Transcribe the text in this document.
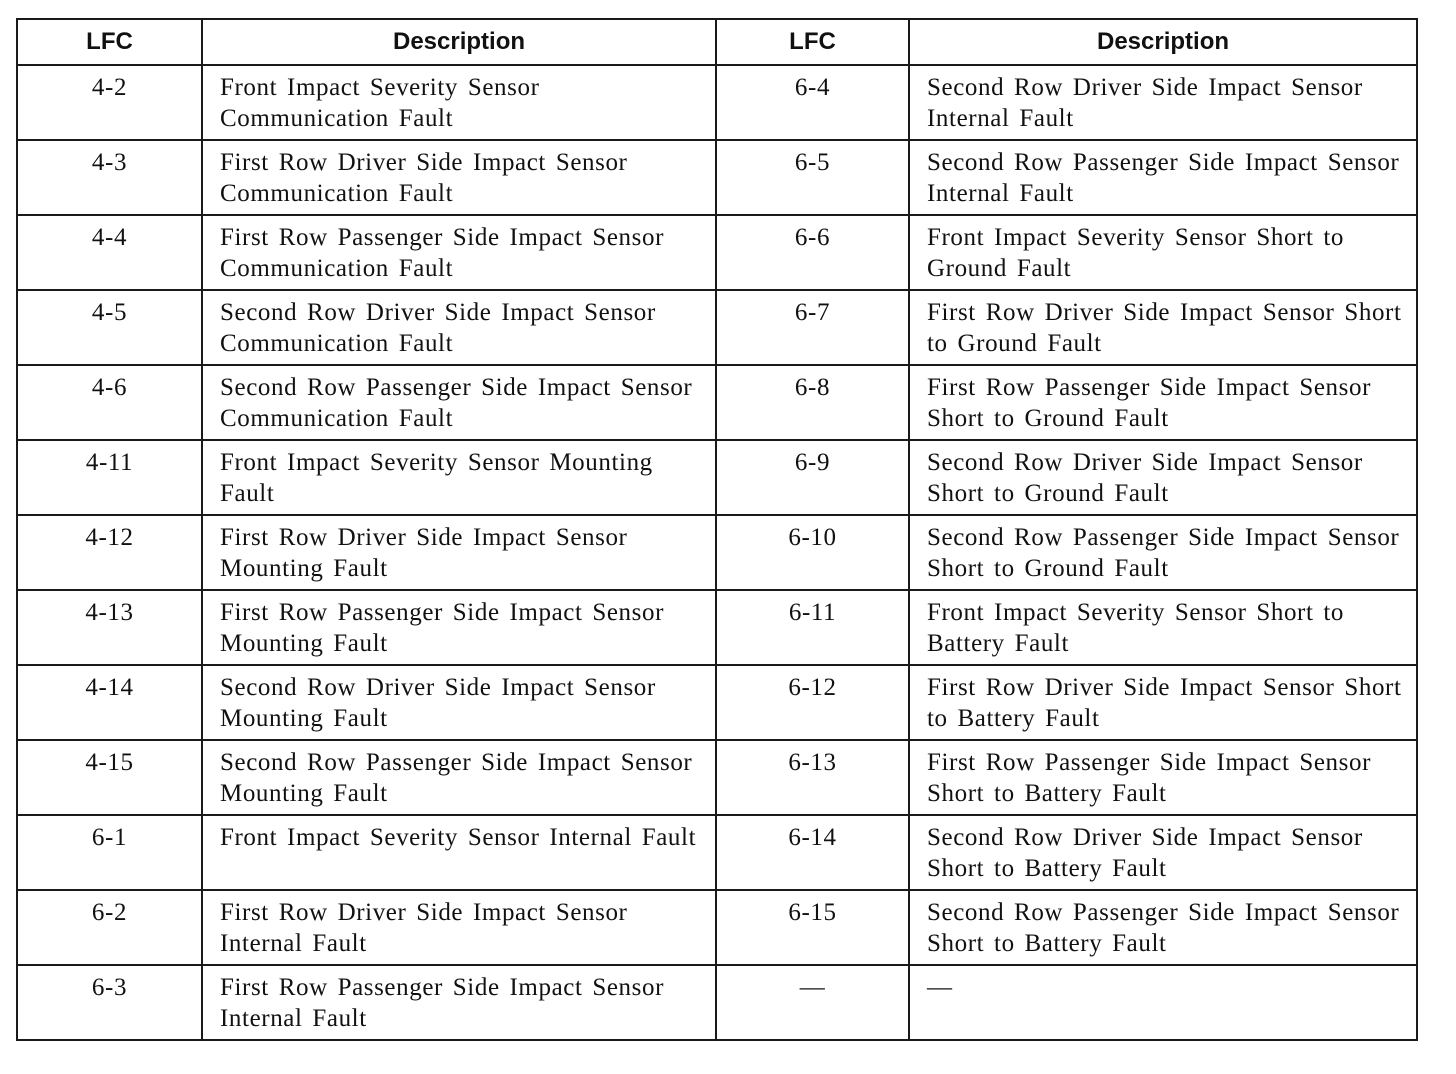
LFC	Description	LFC	Description
4-2	Front Impact Severity Sensor Communication Fault	6-4	Second Row Driver Side Impact Sensor Internal Fault
4-3	First Row Driver Side Impact Sensor Communication Fault	6-5	Second Row Passenger Side Impact Sensor Internal Fault
4-4	First Row Passenger Side Impact Sensor Communication Fault	6-6	Front Impact Severity Sensor Short to Ground Fault
4-5	Second Row Driver Side Impact Sensor Communication Fault	6-7	First Row Driver Side Impact Sensor Short to Ground Fault
4-6	Second Row Passenger Side Impact Sensor Communication Fault	6-8	First Row Passenger Side Impact Sensor Short to Ground Fault
4-11	Front Impact Severity Sensor Mounting Fault	6-9	Second Row Driver Side Impact Sensor Short to Ground Fault
4-12	First Row Driver Side Impact Sensor Mounting Fault	6-10	Second Row Passenger Side Impact Sensor Short to Ground Fault
4-13	First Row Passenger Side Impact Sensor Mounting Fault	6-11	Front Impact Severity Sensor Short to Battery Fault
4-14	Second Row Driver Side Impact Sensor Mounting Fault	6-12	First Row Driver Side Impact Sensor Short to Battery Fault
4-15	Second Row Passenger Side Impact Sensor Mounting Fault	6-13	First Row Passenger Side Impact Sensor Short to Battery Fault
6-1	Front Impact Severity Sensor Internal Fault	6-14	Second Row Driver Side Impact Sensor Short to Battery Fault
6-2	First Row Driver Side Impact Sensor Internal Fault	6-15	Second Row Passenger Side Impact Sensor Short to Battery Fault
6-3	First Row Passenger Side Impact Sensor Internal Fault	—	—
